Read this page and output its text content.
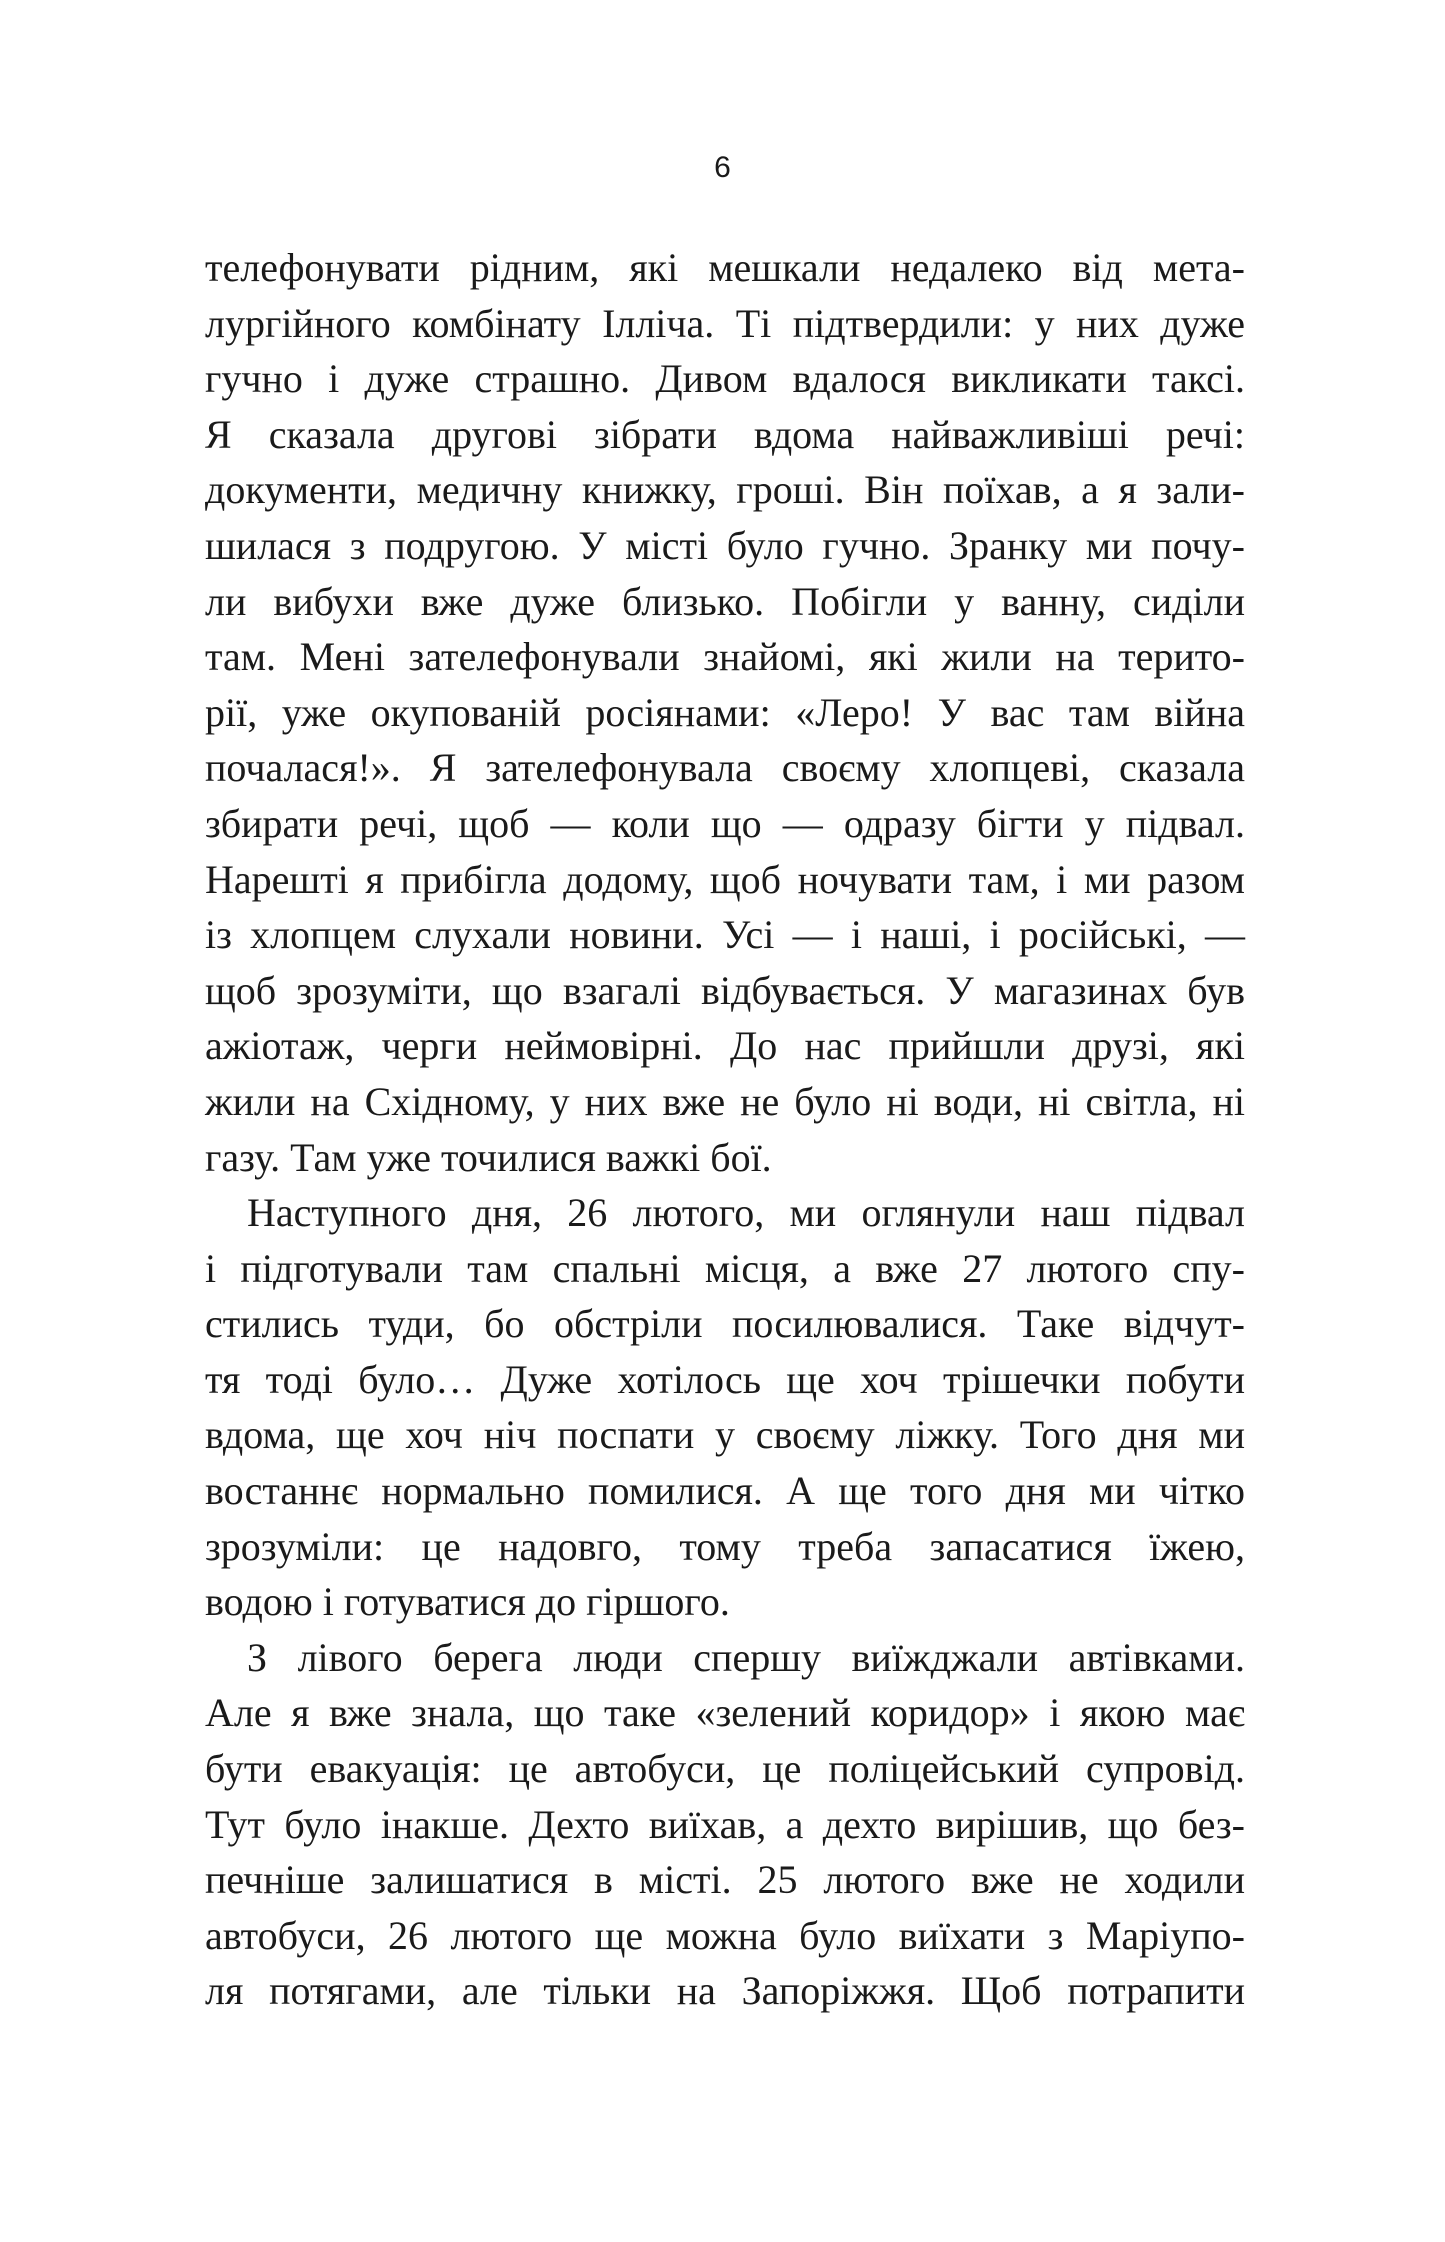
6
телефонувати рідним, які мешкали недалеко від мета-
лургійного комбінату Ілліча. Ті підтвердили: у них дуже
гучно і дуже страшно. Дивом вдалося викликати таксі.
Я сказала другові зібрати вдома найважливіші речі:
документи, медичну книжку, гроші. Він поїхав, а я зали-
шилася з подругою. У місті було гучно. Зранку ми почу-
ли вибухи вже дуже близько. Побігли у ванну, сиділи
там. Мені зателефонували знайомі, які жили на терито-
рії, уже окупованій росіянами: «Леро! У вас там війна
почалася!». Я зателефонувала своєму хлопцеві, сказала
збирати речі, щоб — коли що — одразу бігти у підвал.
Нарешті я прибігла додому, щоб ночувати там, і ми разом
із хлопцем слухали новини. Усі — і наші, і російські, —
щоб зрозуміти, що взагалі відбувається. У магазинах був
ажіотаж, черги неймовірні. До нас прийшли друзі, які
жили на Східному, у них вже не було ні води, ні світла, ні
газу. Там уже точилися важкі бої.
Наступного дня, 26 лютого, ми оглянули наш підвал
і підготували там спальні місця, а вже 27 лютого спу-
стились туди, бо обстріли посилювалися. Таке відчут-
тя тоді було… Дуже хотілось ще хоч трішечки побути
вдома, ще хоч ніч поспати у своєму ліжку. Того дня ми
востаннє нормально помилися. А ще того дня ми чітко
зрозуміли: це надовго, тому треба запасатися їжею,
водою і готуватися до гіршого.
З лівого берега люди спершу виїжджали автівками.
Але я вже знала, що таке «зелений коридор» і якою має
бути евакуація: це автобуси, це поліцейський супровід.
Тут було інакше. Дехто виїхав, а дехто вирішив, що без-
печніше залишатися в місті. 25 лютого вже не ходили
автобуси, 26 лютого ще можна було виїхати з Маріупо-
ля потягами, але тільки на Запоріжжя. Щоб потрапити
